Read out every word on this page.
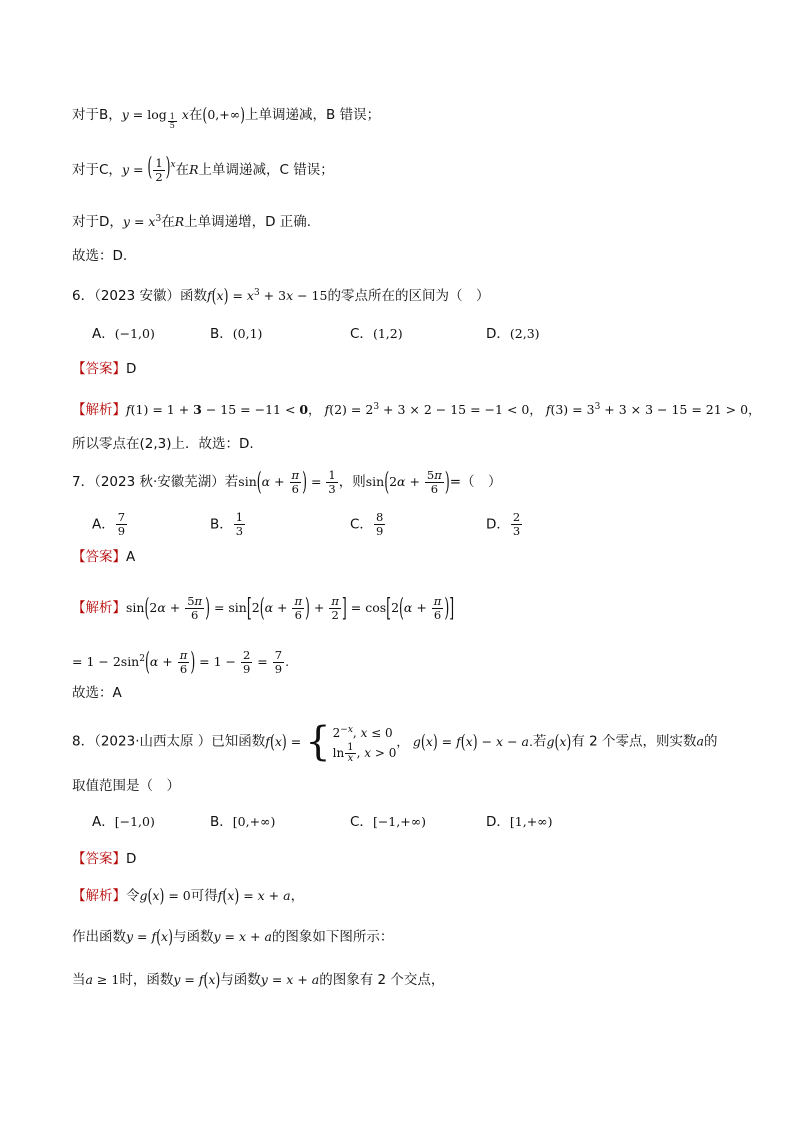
对于B，y = log $_{\frac{1}{5}}$ x在(0,+∞)上单调递减，B 错误；
对于C，y = ( $\frac{1}{2}$ ) x 在R上单调递减，C 错误；
对于D，$y = x^3$在R上单调递增，D 正确.
故选：D.
6．（2023 安徽）函数$f(x) = x^3 + 3x - 15$的零点所在的区间为（　）
A．(−1,0)	B．(0,1)	C．(1,2)	D．(2,3)
【答案】D
【解析】f(1) = 1 + 3 − 15 = −11 < 0， $f(2) = 2^3 + 3 \times 2 - 15 = -1 < 0$， $f(3) = 3^3 + 3 \times 3 - 15 = 21 > 0$，
所以零点在(2,3)上．故选：D.
7．（2023 秋·安徽芜湖）若$\sin(\alpha + \frac{\pi}{6}$ ) = $\frac{1}{3}$ ，则$\sin(2\alpha + \frac{5\pi}{6}$ )=（　）
A． $\frac{7}{9}$	B． $\frac{1}{3}$	C． $\frac{8}{9}$	D． $\frac{2}{3}$
【答案】A
【解析】$\sin(2\alpha + \frac{5\pi}{6}$ ) = $\sin[2(\alpha + \frac{\pi}{6}$ ) + $\frac{\pi}{2}$ ] = $\cos[2(\alpha + \frac{\pi}{6}$ )]
= $1 - 2\sin^2(\alpha + \frac{\pi}{6}$ ) = $1 - \frac{2}{9} = \frac{7}{9}$ .
故选：A
8．（2023·山西太原 ）已知函数f(x) = { $2^{-x}$, x ≤ 0
$\ln \frac{1}{x}$ , x > 0
， g(x) = f(x) − x − a.若g(x)有 2 个零点，则实数a的
取值范围是（　）
A．[−1,0)	B．[0,+∞)	C．[−1,+∞)	D．[1,+∞)
【答案】D
【解析】令g(x) = 0可得f(x) = x + a，
作出函数y = f(x)与函数y = x + a的图象如下图所示：
当a ≥ 1时，函数y = f(x)与函数y = x + a的图象有 2 个交点，
